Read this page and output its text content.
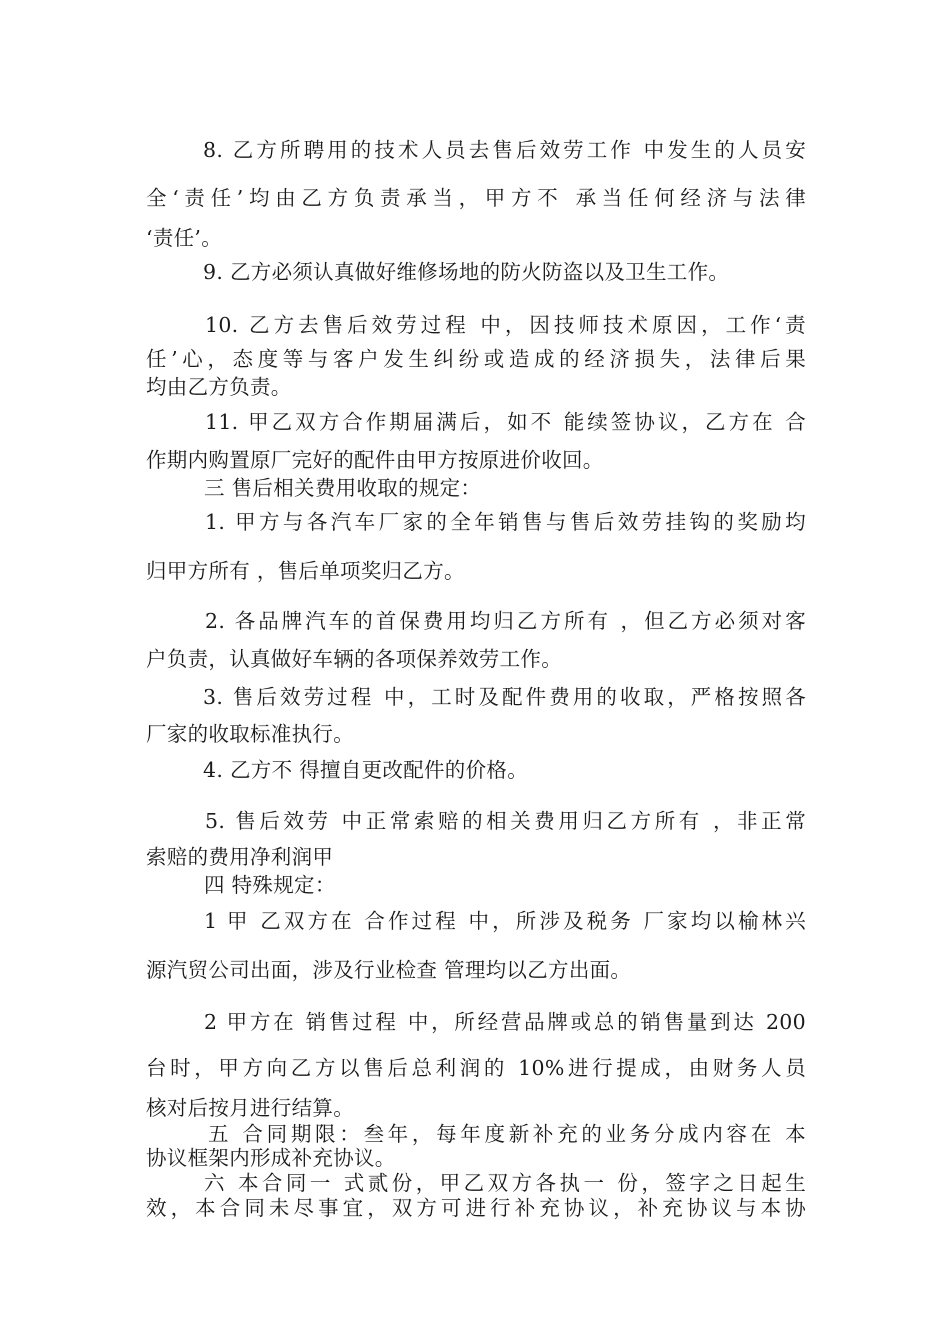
8. 乙方所聘用的技术人员去售后效劳工作 中发生的人员安
全‘责任’均由乙方负责承当，甲方不 承当任何经济与法律
‘责任’。
9. 乙方必须认真做好维修场地的防火防盗以及卫生工作。
10. 乙方去售后效劳过程 中，因技师技术原因，工作‘责
任’心，态度等与客户发生纠纷或造成的经济损失，法律后果
均由乙方负责。
11. 甲乙双方合作期届满后，如不 能续签协议，乙方在 合
作期内购置原厂完好的配件由甲方按原进价收回。
三 售后相关费用收取的规定：
1. 甲方与各汽车厂家的全年销售与售后效劳挂钩的奖励均
归甲方所有 ，售后单项奖归乙方。
2. 各品牌汽车的首保费用均归乙方所有 ，但乙方必须对客
户负责，认真做好车辆的各项保养效劳工作。
3. 售后效劳过程 中，工时及配件费用的收取，严格按照各
厂家的收取标准执行。
4. 乙方不 得擅自更改配件的价格。
5. 售后效劳 中正常索赔的相关费用归乙方所有 ，非正常
索赔的费用净利润甲
四 特殊规定：
1 甲 乙双方在 合作过程 中，所涉及税务 厂家均以榆林兴
源汽贸公司出面，涉及行业检查 管理均以乙方出面。
2 甲方在 销售过程 中，所经营品牌或总的销售量到达 200
台时，甲方向乙方以售后总利润的 10%进行提成，由财务人员
核对后按月进行结算。
五 合同期限：叁年，每年度新补充的业务分成内容在 本
协议框架内形成补充协议。
六 本合同一 式贰份，甲乙双方各执一 份，签字之日起生
效，本合同未尽事宜，双方可进行补充协议，补充协议与本协
